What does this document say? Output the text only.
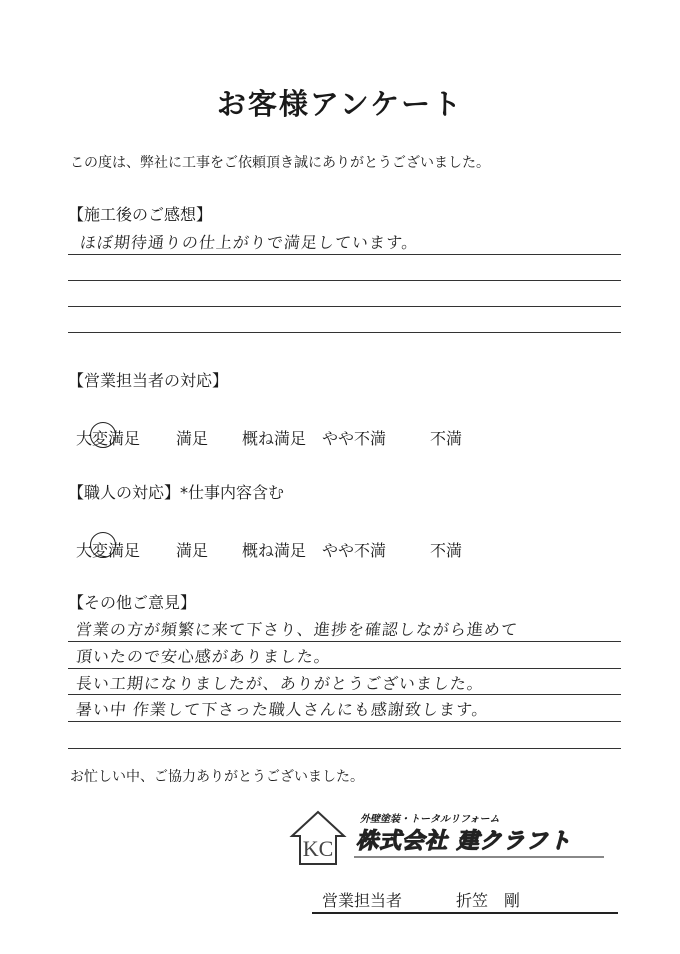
お客様アンケート
この度は、弊社に工事をご依頼頂き誠にありがとうございました。
【施工後のご感想】
ほぼ期待通りの仕上がりで満足しています。
【営業担当者の対応】
大変満足 満足 概ね満足 やや不満	不満
【職人の対応】*仕事内容含む
大変満足 満足 概ね満足 やや不満	不満
【その他ご意見】
営業の方が頻繁に来て下さり、進捗を確認しながら進めて
頂いたので安心感がありました。
長い工期になりましたが、ありがとうございました。
暑い中 作業して下さった職人さんにも感謝致します。
お忙しい中、ご協力ありがとうございました。
KC
外壁塗装・トータルリフォーム
株式会社 建クラフト
営業担当者	折笠　剛
